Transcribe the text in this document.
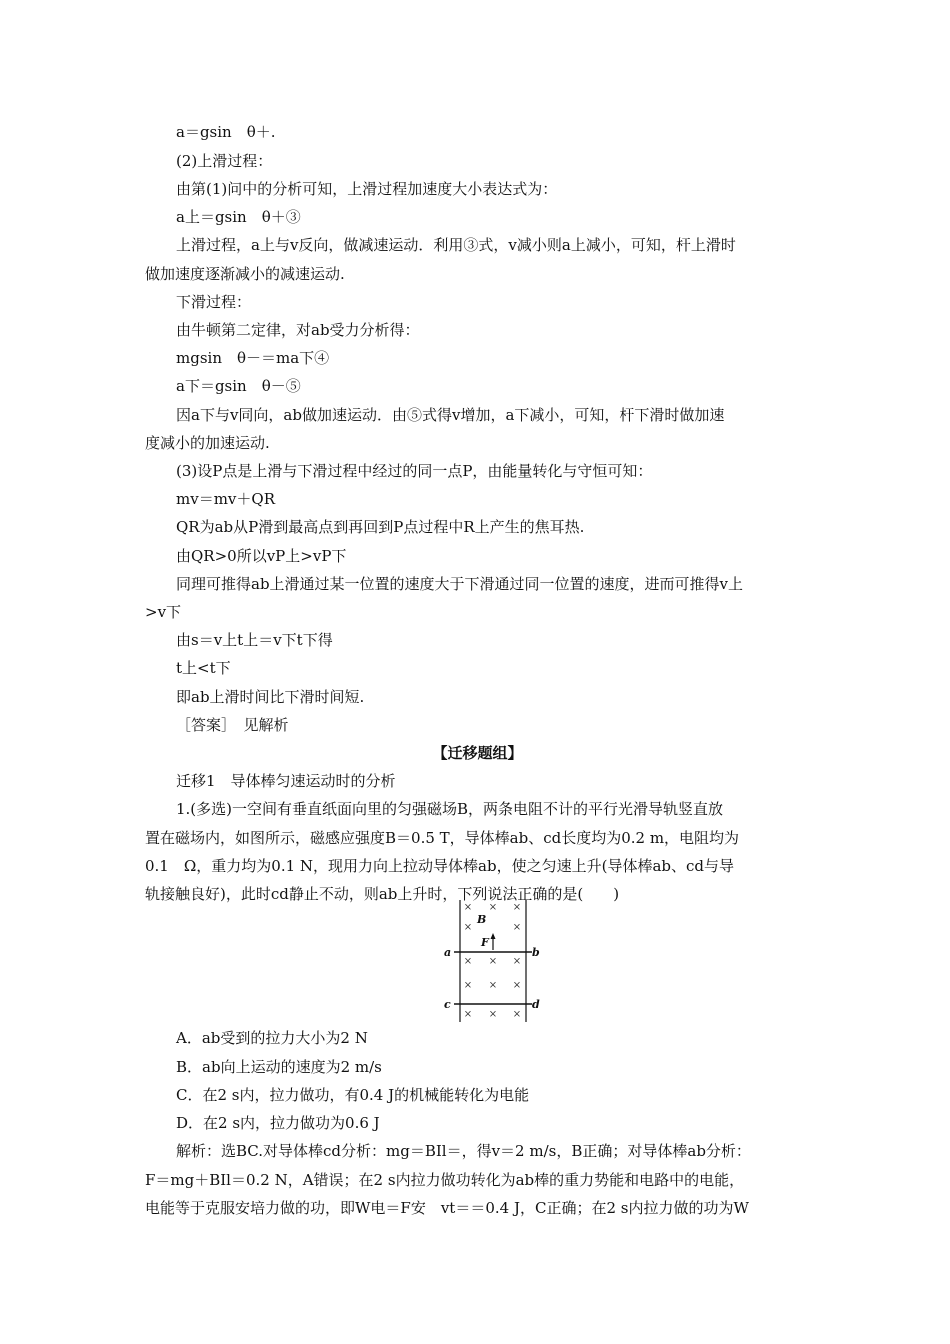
a＝gsin　θ＋.
(2)上滑过程：
由第(1)问中的分析可知，上滑过程加速度大小表达式为：
a上＝gsin　θ＋③
上滑过程，a上与v反向，做减速运动．利用③式，v减小则a上减小，可知，杆上滑时
做加速度逐渐减小的减速运动.
下滑过程：
由牛顿第二定律，对ab受力分析得：
mgsin　θ－＝ma下④
a下＝gsin　θ－⑤
因a下与v同向，ab做加速运动．由⑤式得v增加，a下减小，可知，杆下滑时做加速
度减小的加速运动.
(3)设P点是上滑与下滑过程中经过的同一点P，由能量转化与守恒可知：
mv＝mv＋QR
QR为ab从P滑到最高点到再回到P点过程中R上产生的焦耳热.
由QR>0所以vP上>vP下
同理可推得ab上滑通过某一位置的速度大于下滑通过同一位置的速度，进而可推得v上
>v下
由s＝v上t上＝v下t下得
t上<t下
即ab上滑时间比下滑时间短.
［答案］　见解析
【迁移题组】
迁移1　导体棒匀速运动时的分析
1.(多选)一空间有垂直纸面向里的匀强磁场B，两条电阻不计的平行光滑导轨竖直放
置在磁场内，如图所示，磁感应强度B＝0.5 T，导体棒ab、cd长度均为0.2 m，电阻均为
0.1　Ω，重力均为0.1 N，现用力向上拉动导体棒ab，使之匀速上升(导体棒ab、cd与导
轨接触良好)，此时cd静止不动，则ab上升时，下列说法正确的是(　　)
× × ×
×	×
× × ×
× × ×
× × ×
B
F
a	b
c	d
A．ab受到的拉力大小为2 N
B．ab向上运动的速度为2 m/s
C．在2 s内，拉力做功，有0.4 J的机械能转化为电能
D．在2 s内，拉力做功为0.6 J
解析：选BC.对导体棒cd分析：mg＝BIl＝，得v＝2 m/s，B正确；对导体棒ab分析：
F＝mg＋BIl＝0.2 N，A错误；在2 s内拉力做功转化为ab棒的重力势能和电路中的电能，
电能等于克服安培力做的功，即W电＝F安　vt＝＝0.4 J，C正确；在2 s内拉力做的功为W
